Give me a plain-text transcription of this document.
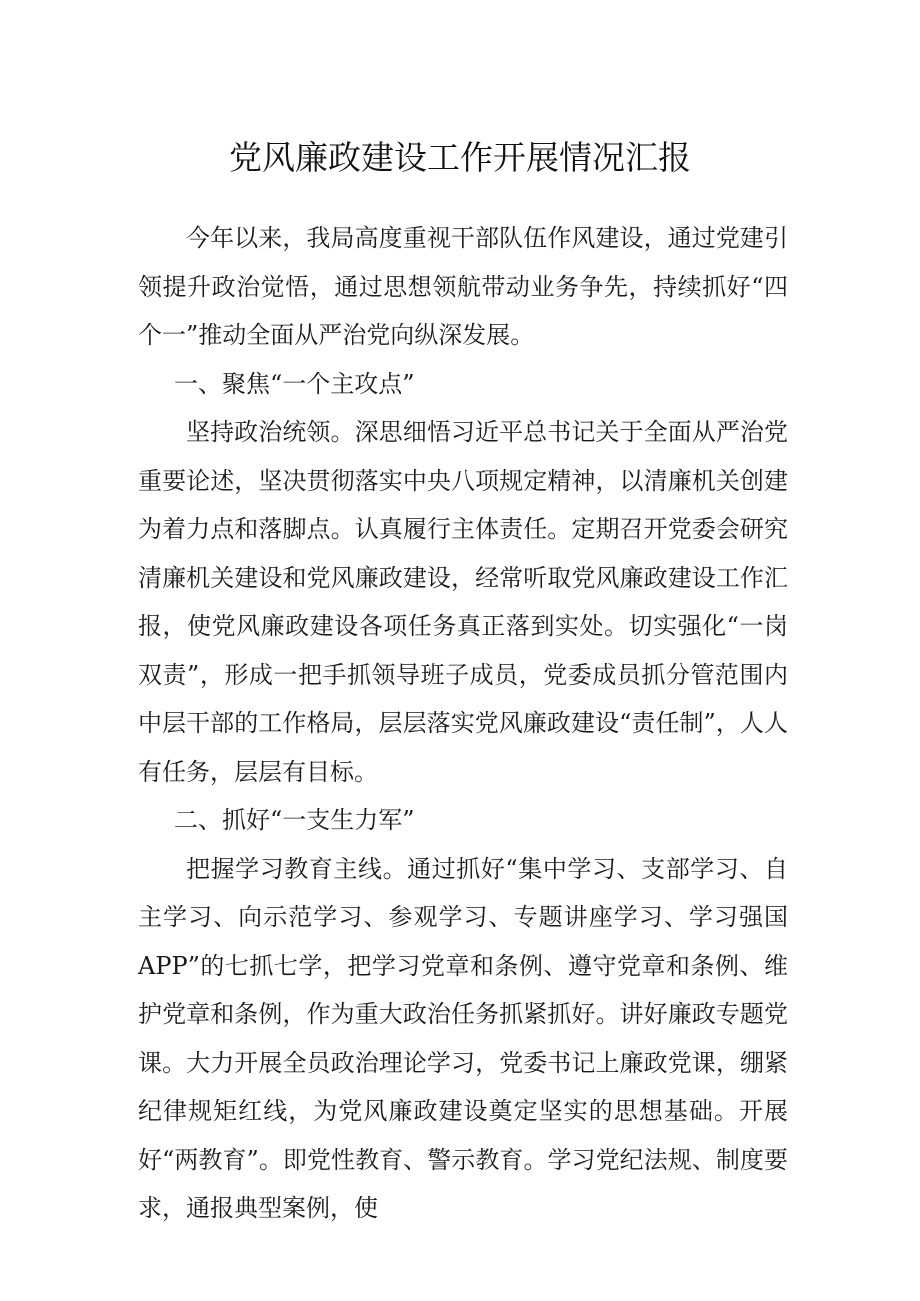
党风廉政建设工作开展情况汇报

今年以来，我局高度重视干部队伍作风建设，通过党建引领提升政治觉悟，通过思想领航带动业务争先，持续抓好“四个一”推动全面从严治党向纵深发展。

一、聚焦“一个主攻点”

坚持政治统领。深思细悟习近平总书记关于全面从严治党重要论述，坚决贯彻落实中央八项规定精神，以清廉机关创建为着力点和落脚点。认真履行主体责任。定期召开党委会研究清廉机关建设和党风廉政建设，经常听取党风廉政建设工作汇报，使党风廉政建设各项任务真正落到实处。切实强化“一岗双责”，形成一把手抓领导班子成员，党委成员抓分管范围内中层干部的工作格局，层层落实党风廉政建设“责任制”，人人有任务，层层有目标。

二、抓好“一支生力军”

把握学习教育主线。通过抓好“集中学习、支部学习、自主学习、向示范学习、参观学习、专题讲座学习、学习强国APP”的七抓七学，把学习党章和条例、遵守党章和条例、维护党章和条例，作为重大政治任务抓紧抓好。讲好廉政专题党课。大力开展全员政治理论学习，党委书记上廉政党课，绷紧纪律规矩红线，为党风廉政建设奠定坚实的思想基础。开展好“两教育”。即党性教育、警示教育。学习党纪法规、制度要求，通报典型案例，使
